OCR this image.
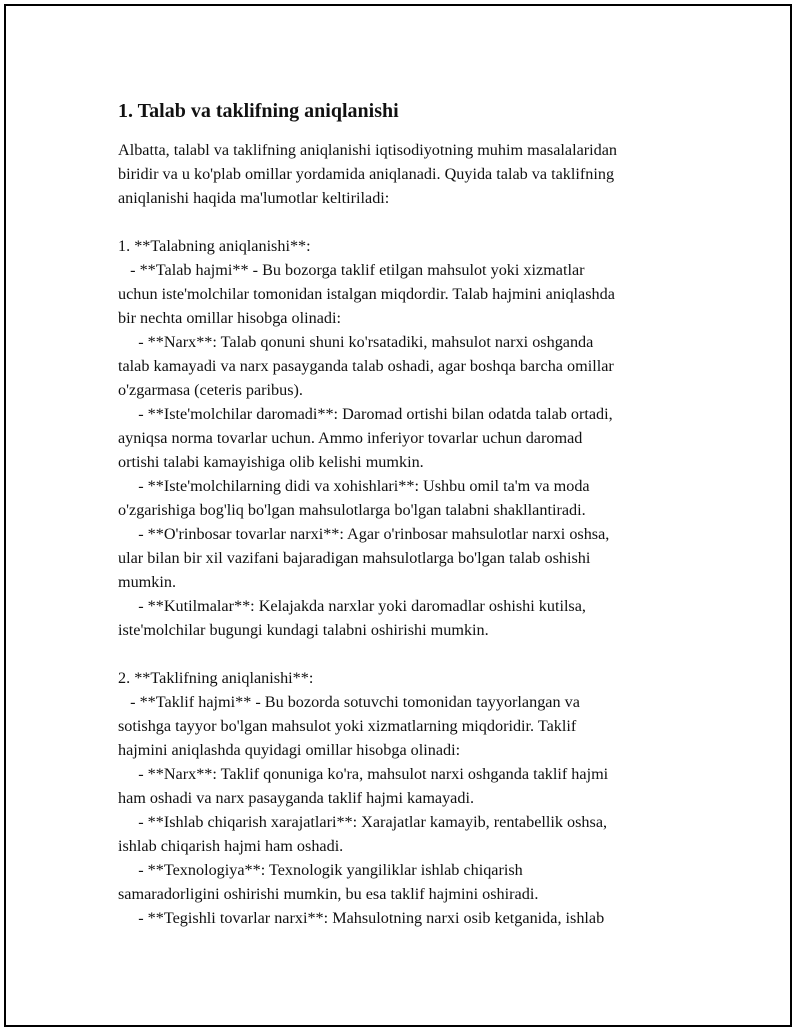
1. Talab va taklifning aniqlanishi
Albatta, talabl va taklifning aniqlanishi iqtisodiyotning muhim masalalaridan
biridir va u ko'plab omillar yordamida aniqlanadi. Quyida talab va taklifning
aniqlanishi haqida ma'lumotlar keltiriladi:

1. **Talabning aniqlanishi**:
- **Talab hajmi** - Bu bozorga taklif etilgan mahsulot yoki xizmatlar
uchun iste'molchilar tomonidan istalgan miqdordir. Talab hajmini aniqlashda
bir nechta omillar hisobga olinadi:
- **Narx**: Talab qonuni shuni ko'rsatadiki, mahsulot narxi oshganda
talab kamayadi va narx pasayganda talab oshadi, agar boshqa barcha omillar
o'zgarmasa (ceteris paribus).
- **Iste'molchilar daromadi**: Daromad ortishi bilan odatda talab ortadi,
ayniqsa norma tovarlar uchun. Ammo inferiyor tovarlar uchun daromad
ortishi talabi kamayishiga olib kelishi mumkin.
- **Iste'molchilarning didi va xohishlari**: Ushbu omil ta'm va moda
o'zgarishiga bog'liq bo'lgan mahsulotlarga bo'lgan talabni shakllantiradi.
- **O'rinbosar tovarlar narxi**: Agar o'rinbosar mahsulotlar narxi oshsa,
ular bilan bir xil vazifani bajaradigan mahsulotlarga bo'lgan talab oshishi
mumkin.
- **Kutilmalar**: Kelajakda narxlar yoki daromadlar oshishi kutilsa,
iste'molchilar bugungi kundagi talabni oshirishi mumkin.

2. **Taklifning aniqlanishi**:
- **Taklif hajmi** - Bu bozorda sotuvchi tomonidan tayyorlangan va
sotishga tayyor bo'lgan mahsulot yoki xizmatlarning miqdoridir. Taklif
hajmini aniqlashda quyidagi omillar hisobga olinadi:
- **Narx**: Taklif qonuniga ko'ra, mahsulot narxi oshganda taklif hajmi
ham oshadi va narx pasayganda taklif hajmi kamayadi.
- **Ishlab chiqarish xarajatlari**: Xarajatlar kamayib, rentabellik oshsa,
ishlab chiqarish hajmi ham oshadi.
- **Texnologiya**: Texnologik yangiliklar ishlab chiqarish
samaradorligini oshirishi mumkin, bu esa taklif hajmini oshiradi.
- **Tegishli tovarlar narxi**: Mahsulotning narxi osib ketganida, ishlab
